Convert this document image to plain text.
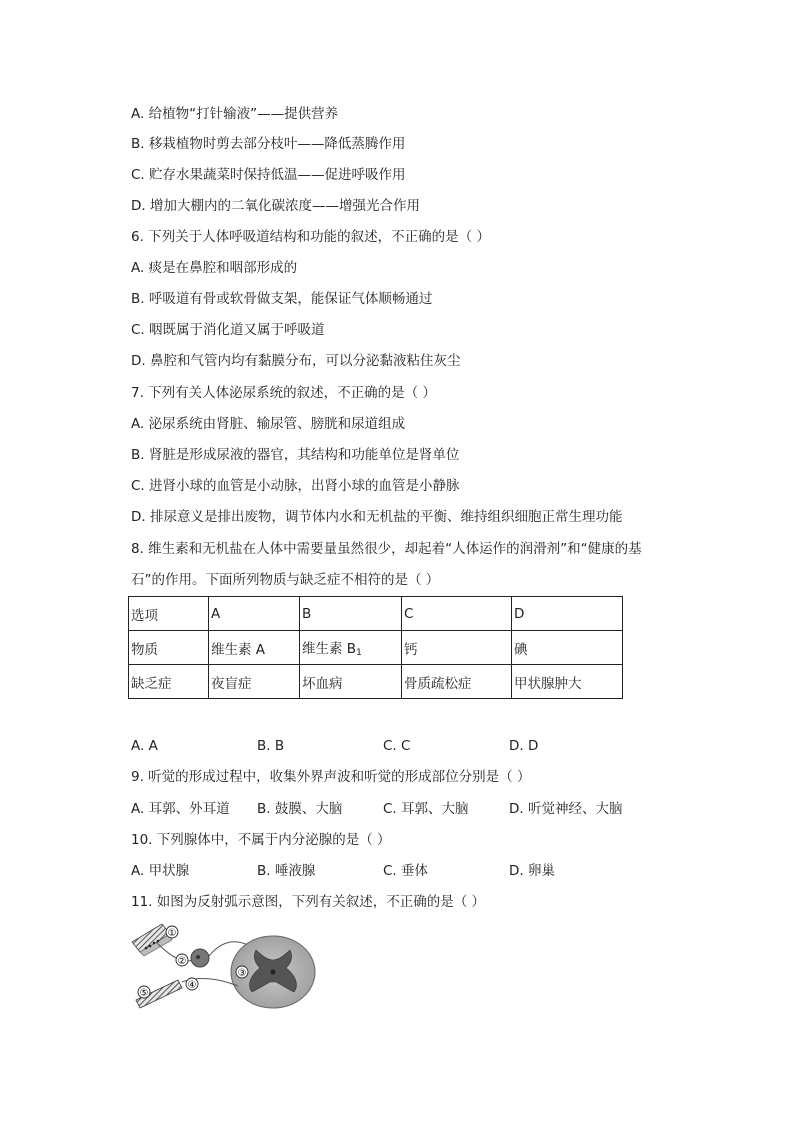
A. 给植物“打针输液”——提供营养
B. 移栽植物时剪去部分枝叶——降低蒸腾作用
C. 贮存水果蔬菜时保持低温——促进呼吸作用
D. 增加大棚内的二氧化碳浓度——增强光合作用
6. 下列关于人体呼吸道结构和功能的叙述，不正确的是（ ）
A. 痰是在鼻腔和咽部形成的
B. 呼吸道有骨或软骨做支架，能保证气体顺畅通过
C. 咽既属于消化道又属于呼吸道
D. 鼻腔和气管内均有黏膜分布，可以分泌黏液粘住灰尘
7. 下列有关人体泌尿系统的叙述，不正确的是（ ）
A. 泌尿系统由肾脏、输尿管、膀胱和尿道组成
B. 肾脏是形成尿液的器官，其结构和功能单位是肾单位
C. 进肾小球的血管是小动脉，出肾小球的血管是小静脉
D. 排尿意义是排出废物，调节体内水和无机盐的平衡、维持组织细胞正常生理功能
8. 维生素和无机盐在人体中需要量虽然很少，却起着“人体运作的润滑剂”和“健康的基
石”的作用。下面所列物质与缺乏症不相符的是（ ）
选项	A	B	C	D
物质	维生素 A	维生素 $B_1$	钙	碘
缺乏症	夜盲症	坏血病	骨质疏松症	甲状腺肿大
A. A	B. B	C. C	D. D
9. 听觉的形成过程中，收集外界声波和听觉的形成部位分别是（ ）
A. 耳郭、外耳道 B. 鼓膜、大脑	C. 耳郭、大脑	D. 听觉神经、大脑
10. 下列腺体中，不属于内分泌腺的是（ ）
A. 甲状腺	B. 唾液腺	C. 垂体	D. 卵巢
11. 如图为反射弧示意图，下列有关叙述，不正确的是（ ）
①
②
③
④
⑤
